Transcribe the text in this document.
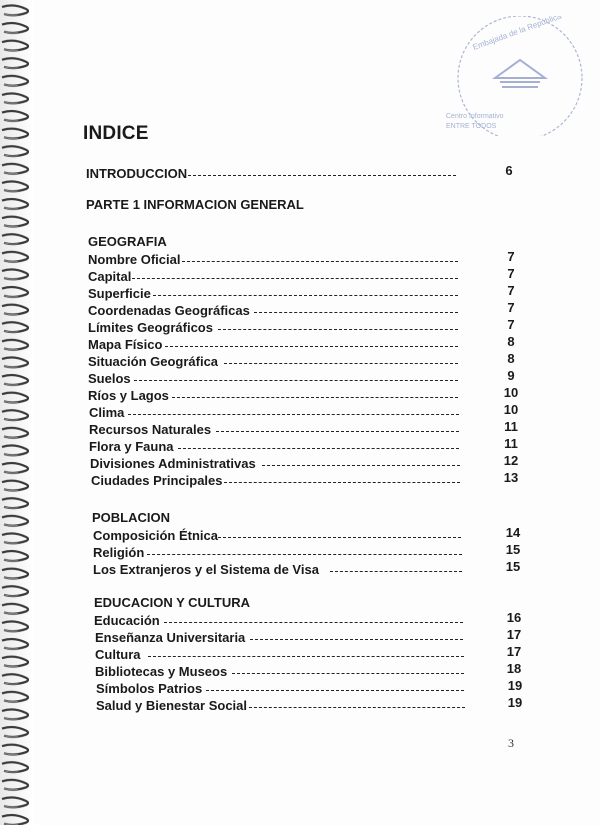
Embajada de la República
Centro Informativo
ENTRE TODOS
INDICE
INTRODUCCION	6
PARTE 1 INFORMACION GENERAL
GEOGRAFIA
Nombre Oficial	7
Capital	7
Superficie	7
Coordenadas Geográficas	7
Límites Geográficos	7
Mapa Físico	8
Situación Geográfica	8
Suelos	9
Ríos y Lagos	10
Clima	10
Recursos Naturales	11
Flora y Fauna	11
Divisiones Administrativas	12
Ciudades Principales	13
POBLACION
Composición Étnica	14
Religión	15
Los Extranjeros y el Sistema de Visa	15
EDUCACION Y CULTURA
Educación	16
Enseñanza Universitaria	17
Cultura	17
Bibliotecas y Museos	18
Símbolos Patrios	19
Salud y Bienestar Social	19
3
